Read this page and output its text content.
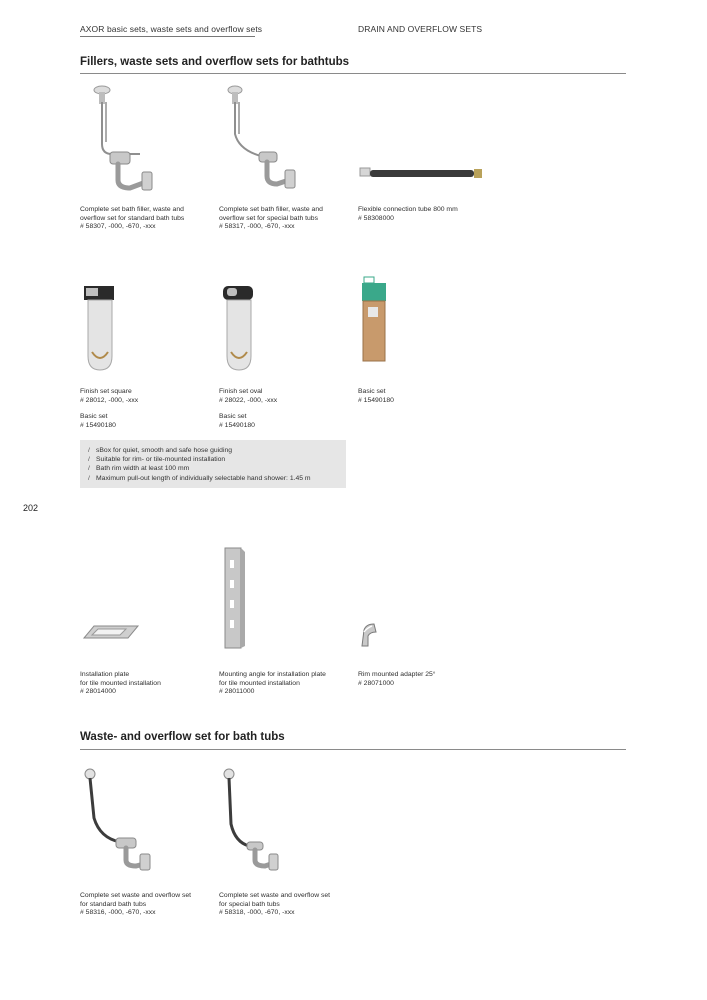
AXOR basic sets, waste sets and overflow sets	DRAIN AND OVERFLOW SETS
Fillers, waste sets and overflow sets for bathtubs
Complete set bath filler, waste and
overflow set for standard bath tubs
# 58307, -000, -670, -xxx
Complete set bath filler, waste and
overflow set for special bath tubs
# 58317, -000, -670, -xxx
Flexible connection tube 800 mm
# 58308000
Finish set square
# 28012, -000, -xxx
Basic set
# 15490180
Finish set oval
# 28022, -000, -xxx
Basic set
# 15490180
Basic set
# 15490180
/ sBox for quiet, smooth and safe hose guiding
/ Suitable for rim- or tile-mounted installation
/ Bath rim width at least 100 mm
/ Maximum pull-out length of individually selectable hand shower: 1.45 m
202
Installation plate
for tile mounted installation
# 28014000
Mounting angle for installation plate
for tile mounted installation
# 28011000
Rim mounted adapter 25°
# 28071000
Waste- and overflow set for bath tubs
Complete set waste and overflow set
for standard bath tubs
# 58316, -000, -670, -xxx
Complete set waste and overflow set
for special bath tubs
# 58318, -000, -670, -xxx
